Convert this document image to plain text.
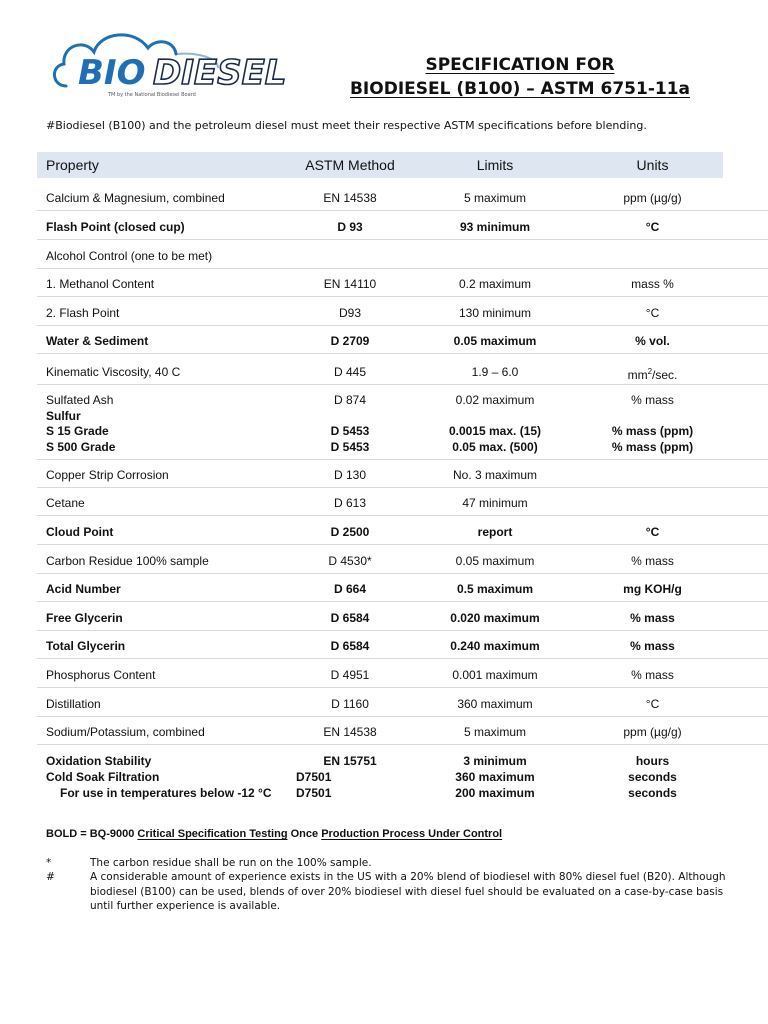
BIO DIESEL
TM by the National Biodiesel Board
SPECIFICATION FOR
BIODIESEL (B100) – ASTM 6751-11a
#Biodiesel (B100) and the petroleum diesel must meet their respective ASTM specifications before blending.
Property	ASTM Method	Limits	Units
Calcium & Magnesium, combined	EN 14538	5 maximum	ppm (µg/g)
Flash Point (closed cup)	D 93	93 minimum	°C
Alcohol Control (one to be met)
1. Methanol Content	EN 14110	0.2 maximum	mass %
2. Flash Point	D93	130 minimum	°C
Water & Sediment	D 2709	0.05 maximum	% vol.
Kinematic Viscosity, 40 C	D 445	1.9 – 6.0	$mm^2/\sec$.
Sulfated Ash	D 874	0.02 maximum	% mass
Sulfur
S 15 Grade	D 5453	0.0015 max. (15)	% mass (ppm)
S 500 Grade	D 5453	0.05 max. (500)	% mass (ppm)
Copper Strip Corrosion	D 130	No. 3 maximum
Cetane	D 613	47 minimum
Cloud Point	D 2500	report	°C
Carbon Residue 100% sample	D 4530*	0.05 maximum	% mass
Acid Number	D 664	0.5 maximum	mg KOH/g
Free Glycerin	D 6584	0.020 maximum	% mass
Total Glycerin	D 6584	0.240 maximum	% mass
Phosphorus Content	D 4951	0.001 maximum	% mass
Distillation	D 1160	360 maximum	°C
Sodium/Potassium, combined	EN 14538	5 maximum	ppm (µg/g)
Oxidation Stability	EN 15751	3 minimum	hours
Cold Soak Filtration	D7501	360 maximum	seconds
For use in temperatures below -12 °C D7501	200 maximum	seconds
BOLD = BQ-9000 Critical Specification Testing Once Production Process Under Control
*	The carbon residue shall be run on the 100% sample.
#	A considerable amount of experience exists in the US with a 20% blend of biodiesel with 80% diesel fuel (B20). Although biodiesel (B100) can be used, blends of over 20% biodiesel with diesel fuel should be evaluated on a case-by-case basis until further experience is available.
